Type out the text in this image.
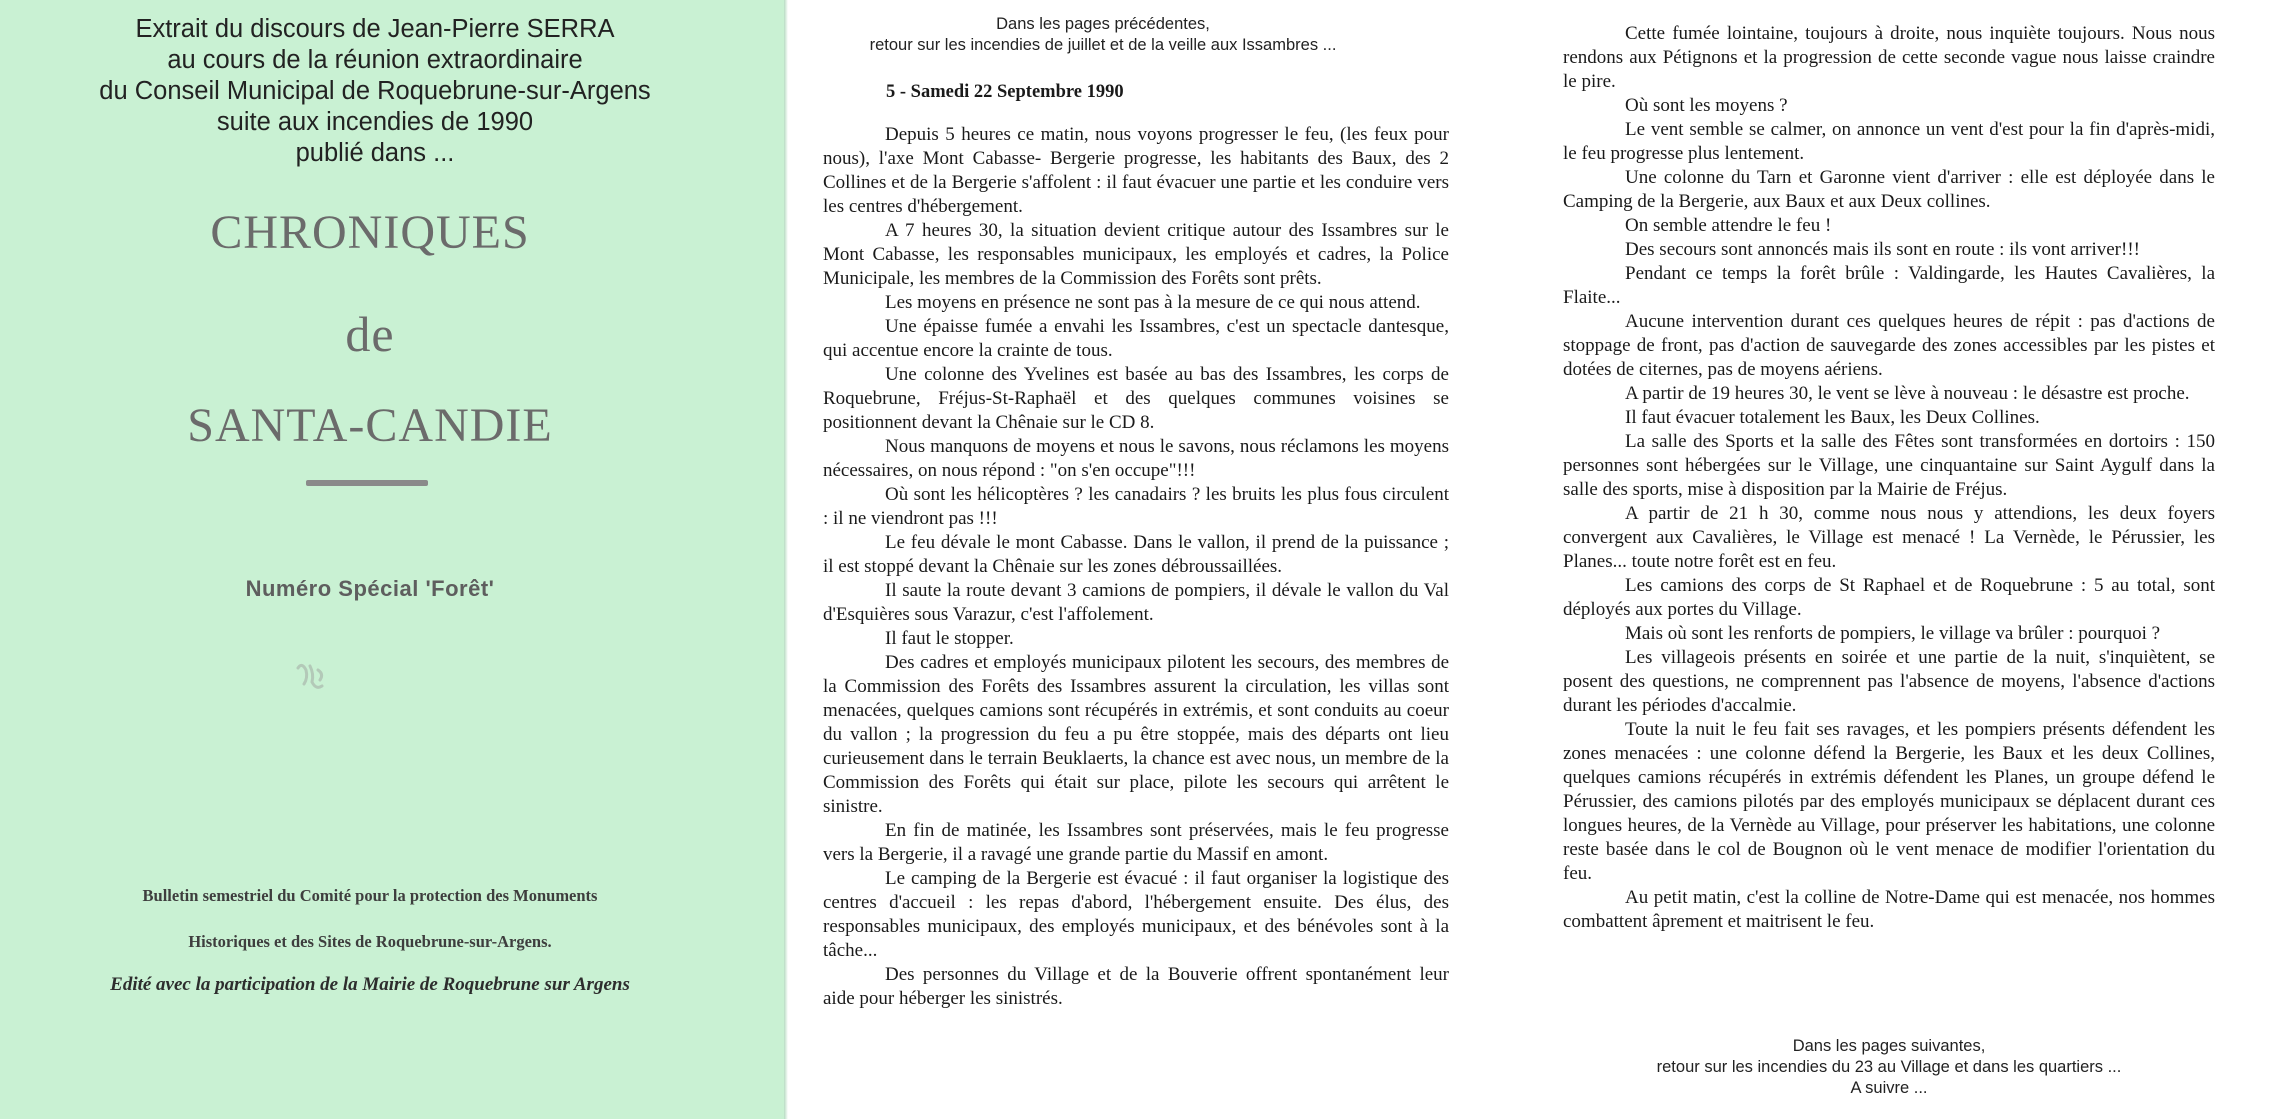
Extrait du discours de Jean-Pierre SERRA
au cours de la réunion extraordinaire
du Conseil Municipal de Roquebrune-sur-Argens
suite aux incendies de 1990
publié dans ...
CHRONIQUES
de
SANTA-CANDIE
Numéro Spécial 'Forêt'
Bulletin semestriel du Comité pour la protection des Monuments
Historiques et des Sites de Roquebrune-sur-Argens.
Edité avec la participation de la Mairie de Roquebrune sur Argens
Dans les pages précédentes,
retour sur les incendies de juillet et de la veille aux Issambres ...
5 - Samedi 22 Septembre 1990

Depuis 5 heures ce matin, nous voyons progresser le feu, (les feux pour nous), l'axe Mont Cabasse- Bergerie progresse, les habitants des Baux, des 2 Collines et de la Bergerie s'affolent : il faut évacuer une partie et les conduire vers les centres d'hébergement.

A 7 heures 30, la situation devient critique autour des Issambres sur le Mont Cabasse, les responsables municipaux, les employés et cadres, la Police Municipale, les membres de la Commission des Forêts sont prêts.

Les moyens en présence ne sont pas à la mesure de ce qui nous attend.

Une épaisse fumée a envahi les Issambres, c'est un spectacle dantesque, qui accentue encore la crainte de tous.

Une colonne des Yvelines est basée au bas des Issambres, les corps de Roquebrune, Fréjus-St-Raphaël et des quelques communes voisines se positionnent devant la Chênaie sur le CD 8.

Nous manquons de moyens et nous le savons, nous réclamons les moyens nécessaires, on nous répond : "on s'en occupe"!!!

Où sont les hélicoptères ? les canadairs ? les bruits les plus fous circulent : il ne viendront pas !!!

Le feu dévale le mont Cabasse. Dans le vallon, il prend de la puissance ; il est stoppé devant la Chênaie sur les zones débroussaillées.

Il saute la route devant 3 camions de pompiers, il dévale le vallon du Val d'Esquières sous Varazur, c'est l'affolement.

Il faut le stopper.

Des cadres et employés municipaux pilotent les secours, des membres de la Commission des Forêts des Issambres assurent la circulation, les villas sont menacées, quelques camions sont récupérés in extrémis, et sont conduits au coeur du vallon ; la progression du feu a pu être stoppée, mais des départs ont lieu curieusement dans le terrain Beuklaerts, la chance est avec nous, un membre de la Commission des Forêts qui était sur place, pilote les secours qui arrêtent le sinistre.

En fin de matinée, les Issambres sont préservées, mais le feu progresse vers la Bergerie, il a ravagé une grande partie du Massif en amont.

Le camping de la Bergerie est évacué : il faut organiser la logistique des centres d'accueil : les repas d'abord, l'hébergement ensuite. Des élus, des responsables municipaux, des employés municipaux, et des bénévoles sont à la tâche...

Des personnes du Village et de la Bouverie offrent spontanément leur aide pour héberger les sinistrés.

Cette fumée lointaine, toujours à droite, nous inquiète toujours. Nous nous rendons aux Pétignons et la progression de cette seconde vague nous laisse craindre le pire.

Où sont les moyens ?

Le vent semble se calmer, on annonce un vent d'est pour la fin d'après-midi, le feu progresse plus lentement.

Une colonne du Tarn et Garonne vient d'arriver : elle est déployée dans le Camping de la Bergerie, aux Baux et aux Deux collines.

On semble attendre le feu !

Des secours sont annoncés mais ils sont en route : ils vont arriver!!!

Pendant ce temps la forêt brûle : Valdingarde, les Hautes Cavalières, la Flaite...

Aucune intervention durant ces quelques heures de répit : pas d'actions de stoppage de front, pas d'action de sauvegarde des zones accessibles par les pistes et dotées de citernes, pas de moyens aériens.

A partir de 19 heures 30, le vent se lève à nouveau : le désastre est proche.

Il faut évacuer totalement les Baux, les Deux Collines.

La salle des Sports et la salle des Fêtes sont transformées en dortoirs : 150 personnes sont hébergées sur le Village, une cinquantaine sur Saint Aygulf dans la salle des sports, mise à disposition par la Mairie de Fréjus.

A partir de 21 h 30, comme nous nous y attendions, les deux foyers convergent aux Cavalières, le Village est menacé ! La Vernède, le Pérussier, les Planes... toute notre forêt est en feu.

Les camions des corps de St Raphael et de Roquebrune : 5 au total, sont déployés aux portes du Village.

Mais où sont les renforts de pompiers, le village va brûler : pourquoi ?

Les villageois présents en soirée et une partie de la nuit, s'inquiètent, se posent des questions, ne comprennent pas l'absence de moyens, l'absence d'actions durant les périodes d'accalmie.

Toute la nuit le feu fait ses ravages, et les pompiers présents défendent les zones menacées : une colonne défend la Bergerie, les Baux et les deux Collines, quelques camions récupérés in extrémis défendent les Planes, un groupe défend le Pérussier, des camions pilotés par des employés municipaux se déplacent durant ces longues heures, de la Vernède au Village, pour préserver les habitations, une colonne reste basée dans le col de Bougnon où le vent menace de modifier l'orientation du feu.

Au petit matin, c'est la colline de Notre-Dame qui est menacée, nos hommes combattent âprement et maitrisent le feu.

Dans les pages suivantes,
retour sur les incendies du 23 au Village et dans les quartiers ...
A suivre ...
